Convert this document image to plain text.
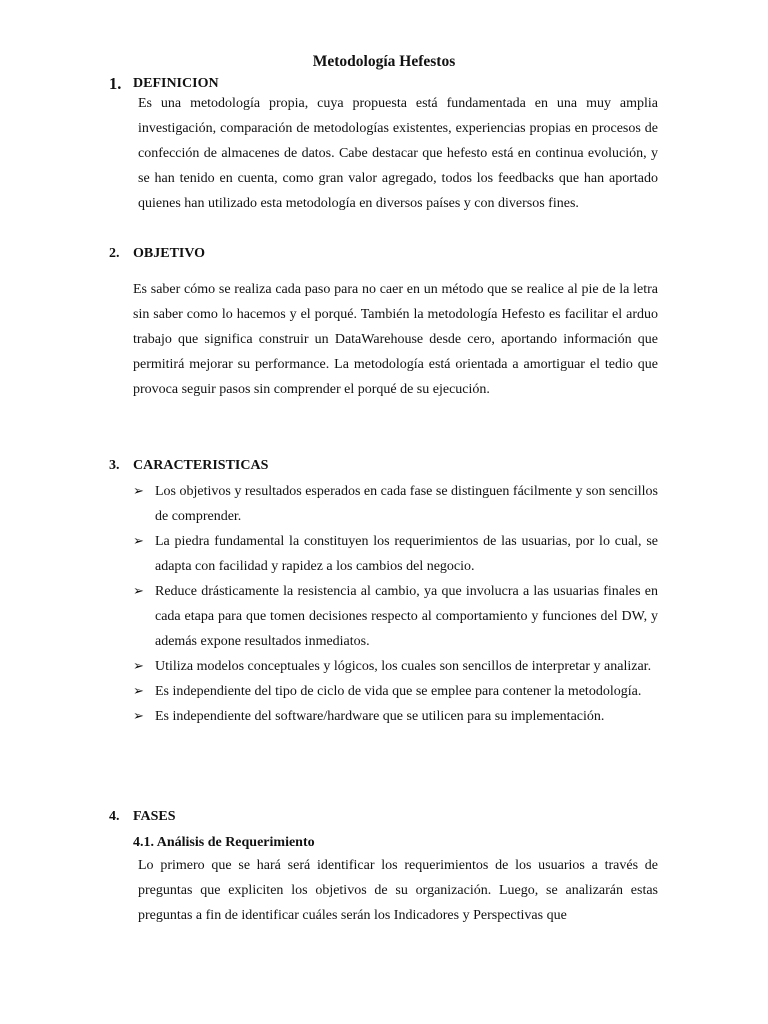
Metodología Hefestos
1. DEFINICION
Es una metodología propia, cuya propuesta está fundamentada en una muy amplia investigación, comparación de metodologías existentes, experiencias propias en procesos de confección de almacenes de datos. Cabe destacar que hefesto está en continua evolución, y se han tenido en cuenta, como gran valor agregado, todos los feedbacks que han aportado quienes han utilizado esta metodología en diversos países y con diversos fines.
2. OBJETIVO
Es saber cómo se realiza cada paso para no caer en un método que se realice al pie de la letra sin saber como lo hacemos y el porqué. También la metodología Hefesto es facilitar el arduo trabajo que significa construir un DataWarehouse desde cero, aportando información que permitirá mejorar su performance. La metodología está orientada a amortiguar el tedio que provoca seguir pasos sin comprender el porqué de su ejecución.
3. CARACTERISTICAS
➢ Los objetivos y resultados esperados en cada fase se distinguen fácilmente y son sencillos de comprender.
➢ La piedra fundamental la constituyen los requerimientos de las usuarias, por lo cual, se adapta con facilidad y rapidez a los cambios del negocio.
➢ Reduce drásticamente la resistencia al cambio, ya que involucra a las usuarias finales en cada etapa para que tomen decisiones respecto al comportamiento y funciones del DW, y además expone resultados inmediatos.
➢ Utiliza modelos conceptuales y lógicos, los cuales son sencillos de interpretar y analizar.
➢ Es independiente del tipo de ciclo de vida que se emplee para contener la metodología.
➢ Es independiente del software/hardware que se utilicen para su implementación.
4. FASES
4.1. Análisis de Requerimiento
Lo primero que se hará será identificar los requerimientos de los usuarios a través de preguntas que expliciten los objetivos de su organización. Luego, se analizarán estas preguntas a fin de identificar cuáles serán los Indicadores y Perspectivas que
